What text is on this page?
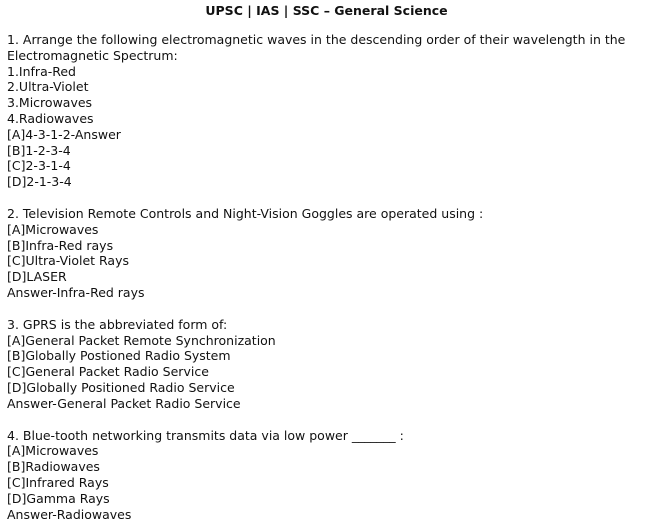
UPSC | IAS | SSC – General Science
1. Arrange the following electromagnetic waves in the descending order of their wavelength in the Electromagnetic Spectrum:
1.Infra-Red
2.Ultra-Violet
3.Microwaves
4.Radiowaves
[A]4-3-1-2-Answer
[B]1-2-3-4
[C]2-3-1-4
[D]2-1-3-4
2. Television Remote Controls and Night-Vision Goggles are operated using :
[A]Microwaves
[B]Infra-Red rays
[C]Ultra-Violet Rays
[D]LASER
Answer-Infra-Red rays
3. GPRS is the abbreviated form of:
[A]General Packet Remote Synchronization
[B]Globally Postioned Radio System
[C]General Packet Radio Service
[D]Globally Positioned Radio Service
Answer-General Packet Radio Service
4. Blue-tooth networking transmits data via low power _______ :
[A]Microwaves
[B]Radiowaves
[C]Infrared Rays
[D]Gamma Rays
Answer-Radiowaves
